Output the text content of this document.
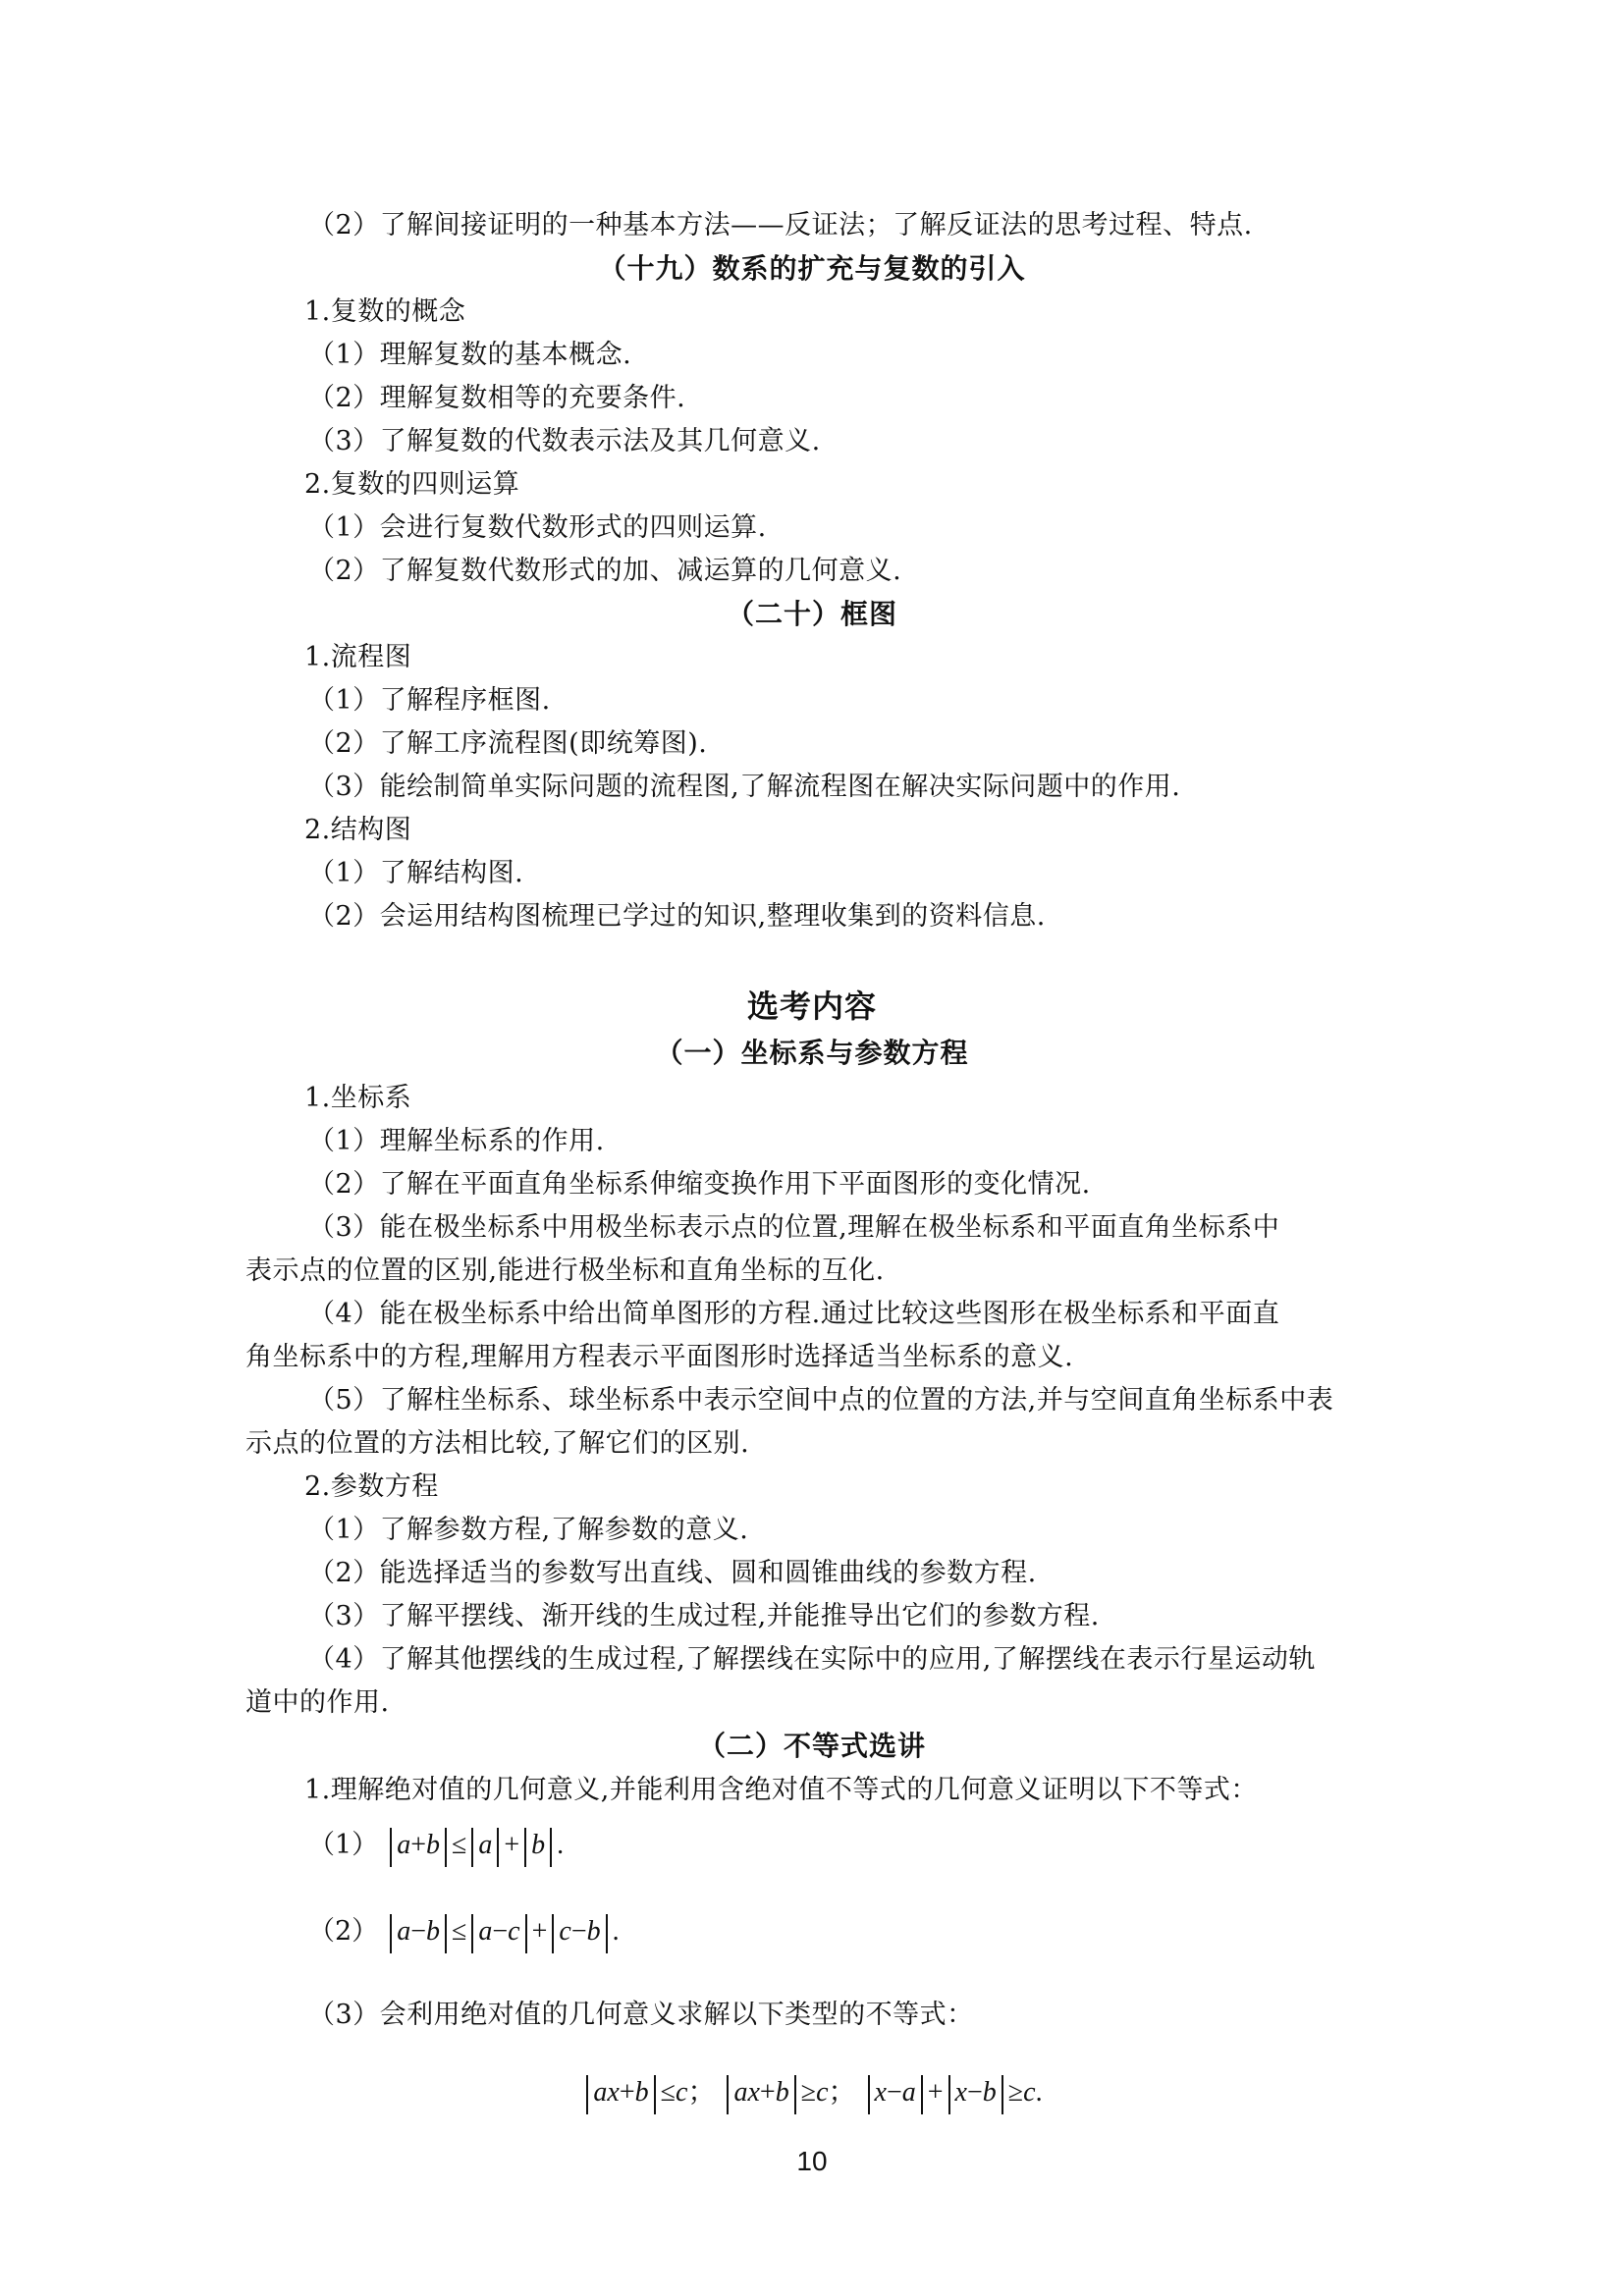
（2）了解间接证明的一种基本方法——反证法；了解反证法的思考过程、特点.
（十九）数系的扩充与复数的引入
1.复数的概念
（1）理解复数的基本概念.
（2）理解复数相等的充要条件.
（3）了解复数的代数表示法及其几何意义.
2.复数的四则运算
（1）会进行复数代数形式的四则运算.
（2）了解复数代数形式的加、减运算的几何意义.
（二十）框图
1.流程图
（1）了解程序框图.
（2）了解工序流程图(即统筹图).
（3）能绘制简单实际问题的流程图,了解流程图在解决实际问题中的作用.
2.结构图
（1）了解结构图.
（2）会运用结构图梳理已学过的知识,整理收集到的资料信息.
选考内容
（一）坐标系与参数方程
1.坐标系
（1）理解坐标系的作用.
（2）了解在平面直角坐标系伸缩变换作用下平面图形的变化情况.
（3）能在极坐标系中用极坐标表示点的位置,理解在极坐标系和平面直角坐标系中
表示点的位置的区别,能进行极坐标和直角坐标的互化.
（4）能在极坐标系中给出简单图形的方程.通过比较这些图形在极坐标系和平面直
角坐标系中的方程,理解用方程表示平面图形时选择适当坐标系的意义.
（5）了解柱坐标系、球坐标系中表示空间中点的位置的方法,并与空间直角坐标系中表
示点的位置的方法相比较,了解它们的区别.
2.参数方程
（1）了解参数方程,了解参数的意义.
（2）能选择适当的参数写出直线、圆和圆锥曲线的参数方程.
（3）了解平摆线、渐开线的生成过程,并能推导出它们的参数方程.
（4）了解其他摆线的生成过程,了解摆线在实际中的应用,了解摆线在表示行星运动轨
道中的作用.
（二）不等式选讲
1.理解绝对值的几何意义,并能利用含绝对值不等式的几何意义证明以下不等式：
（1） a+b ≤ a + b .
（2） a−b ≤ a−c + c−b .
（3）会利用绝对值的几何意义求解以下类型的不等式：
ax+b ≤c； ax+b ≥c； x−a + x−b ≥c.
10
